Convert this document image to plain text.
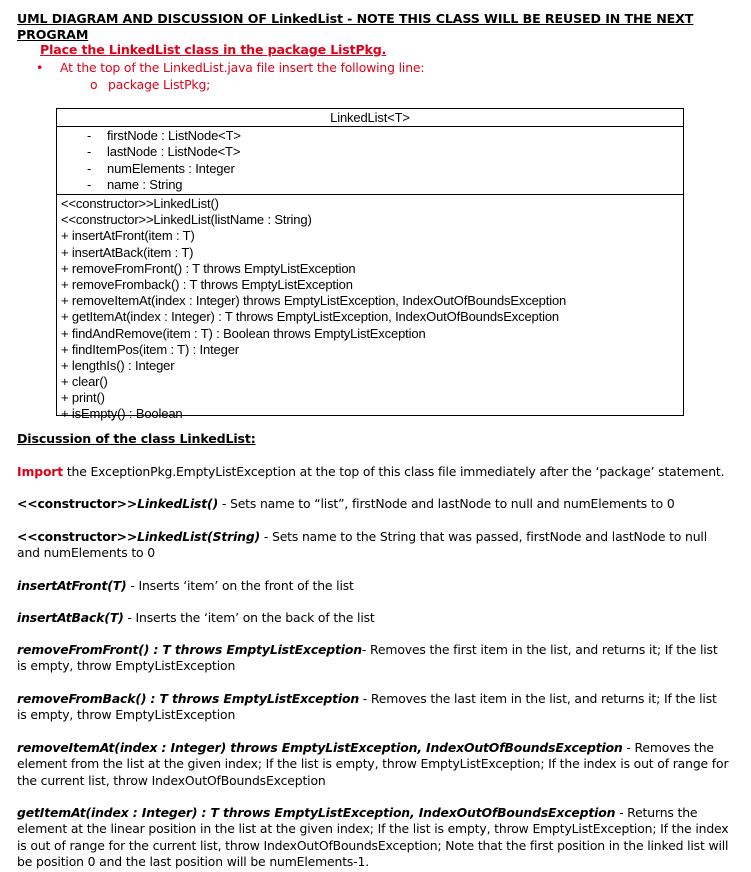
UML DIAGRAM AND DISCUSSION OF LinkedList - NOTE THIS CLASS WILL BE REUSED IN THE NEXT PROGRAM
Place the LinkedList class in the package ListPkg.
• At the top of the LinkedList.java file insert the following line:
o package ListPkg;
LinkedList<T>
- firstNode : ListNode<T>
- lastNode : ListNode<T>
- numElements : Integer
- name : String
<<constructor>>LinkedList()
<<constructor>>LinkedList(listName : String)
+ insertAtFront(item : T)
+ insertAtBack(item : T)
+ removeFromFront() : T throws EmptyListException
+ removeFromback() : T throws EmptyListException
+ removeItemAt(index : Integer) throws EmptyListException, IndexOutOfBoundsException
+ getItemAt(index : Integer) : T throws EmptyListException, IndexOutOfBoundsException
+ findAndRemove(item : T) : Boolean throws EmptyListException
+ findItemPos(item : T) : Integer
+ lengthIs() : Integer
+ clear()
+ print()
+ isEmpty() : Boolean
Discussion of the class LinkedList:
Import the ExceptionPkg.EmptyListException at the top of this class file immediately after the ‘package’ statement.
<<constructor>>LinkedList() - Sets name to “list”, firstNode and lastNode to null and numElements to 0
<<constructor>>LinkedList(String) - Sets name to the String that was passed, firstNode and lastNode to null and numElements to 0
insertAtFront(T) - Inserts ‘item’ on the front of the list
insertAtBack(T) - Inserts the ‘item’ on the back of the list
removeFromFront() : T throws EmptyListException- Removes the first item in the list, and returns it; If the list is empty, throw EmptyListException
removeFromBack() : T throws EmptyListException - Removes the last item in the list, and returns it; If the list is empty, throw EmptyListException
removeItemAt(index : Integer) throws EmptyListException, IndexOutOfBoundsException - Removes the element from the list at the given index; If the list is empty, throw EmptyListException; If the index is out of range for the current list, throw IndexOutOfBoundsException
getItemAt(index : Integer) : T throws EmptyListException, IndexOutOfBoundsException - Returns the element at the linear position in the list at the given index; If the list is empty, throw EmptyListException; If the index is out of range for the current list, throw IndexOutOfBoundsException; Note that the first position in the linked list will be position 0 and the last position will be numElements-1.
